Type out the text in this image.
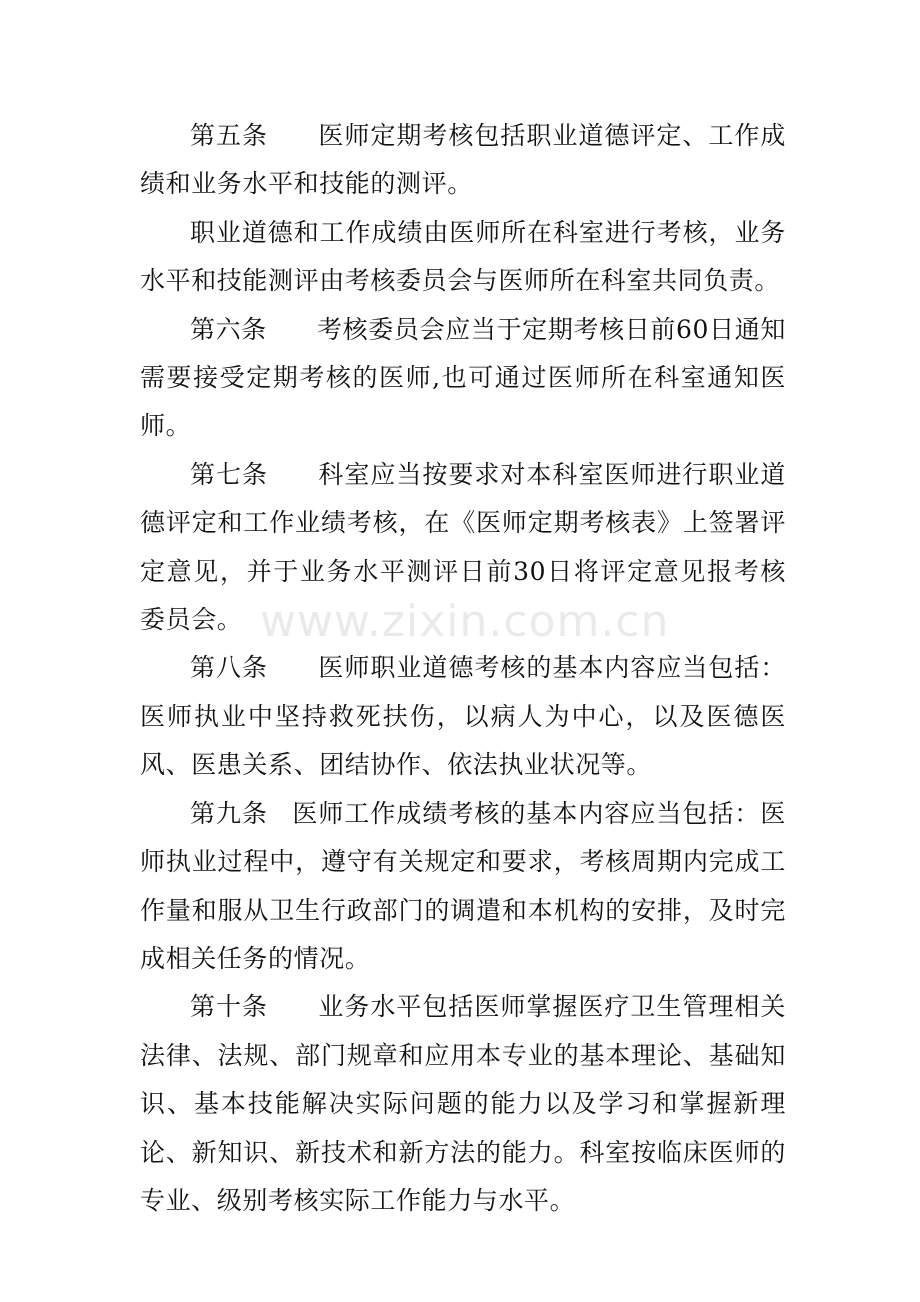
第五条 医师定期考核包括职业道德评定、工作成绩和业务水平和技能的测评。

职业道德和工作成绩由医师所在科室进行考核，业务水平和技能测评由考核委员会与医师所在科室共同负责。

第六条 考核委员会应当于定期考核日前60日通知需要接受定期考核的医师,也可通过医师所在科室通知医师。

第七条 科室应当按要求对本科室医师进行职业道德评定和工作业绩考核，在《医师定期考核表》上签署评定意见，并于业务水平测评日前30日将评定意见报考核委员会。

第八条 医师职业道德考核的基本内容应当包括：医师执业中坚持救死扶伤，以病人为中心，以及医德医风、医患关系、团结协作、依法执业状况等。

第九条 医师工作成绩考核的基本内容应当包括：医师执业过程中，遵守有关规定和要求，考核周期内完成工作量和服从卫生行政部门的调遣和本机构的安排，及时完成相关任务的情况。

第十条 业务水平包括医师掌握医疗卫生管理相关法律、法规、部门规章和应用本专业的基本理论、基础知识、基本技能解决实际问题的能力以及学习和掌握新理论、新知识、新技术和新方法的能力。科室按临床医师的专业、级别考核实际工作能力与水平。

www.zixin.com.cn
